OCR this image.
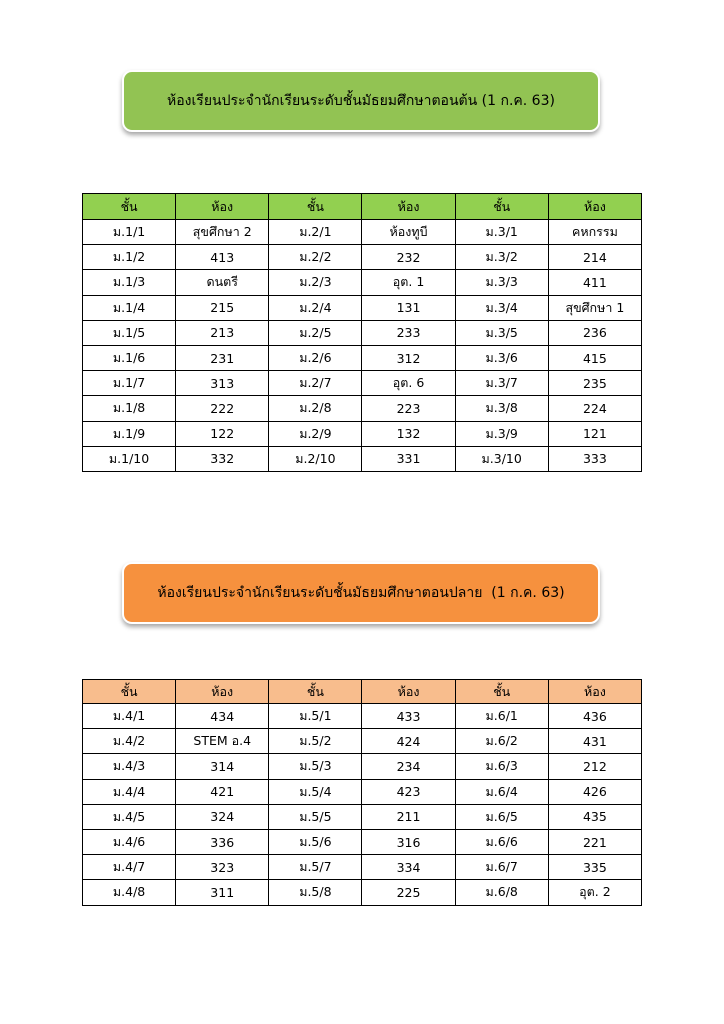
ห้องเรียนประจำนักเรียนระดับชั้นมัธยมศึกษาตอนต้น (1 ก.ค. 63)
ชั้น	ห้อง	ชั้น	ห้อง	ชั้น	ห้อง
ม.1/1	สุขศึกษา 2	ม.2/1	ห้องทูบี	ม.3/1	คหกรรม
ม.1/2	413	ม.2/2	232	ม.3/2	214
ม.1/3	ดนตรี	ม.2/3	อุต. 1	ม.3/3	411
ม.1/4	215	ม.2/4	131	ม.3/4	สุขศึกษา 1
ม.1/5	213	ม.2/5	233	ม.3/5	236
ม.1/6	231	ม.2/6	312	ม.3/6	415
ม.1/7	313	ม.2/7	อุต. 6	ม.3/7	235
ม.1/8	222	ม.2/8	223	ม.3/8	224
ม.1/9	122	ม.2/9	132	ม.3/9	121
ม.1/10	332	ม.2/10	331	ม.3/10	333
ห้องเรียนประจำนักเรียนระดับชั้นมัธยมศึกษาตอนปลาย  (1 ก.ค. 63)
ชั้น	ห้อง	ชั้น	ห้อง	ชั้น	ห้อง
ม.4/1	434	ม.5/1	433	ม.6/1	436
ม.4/2	STEM อ.4	ม.5/2	424	ม.6/2	431
ม.4/3	314	ม.5/3	234	ม.6/3	212
ม.4/4	421	ม.5/4	423	ม.6/4	426
ม.4/5	324	ม.5/5	211	ม.6/5	435
ม.4/6	336	ม.5/6	316	ม.6/6	221
ม.4/7	323	ม.5/7	334	ม.6/7	335
ม.4/8	311	ม.5/8	225	ม.6/8	อุต. 2
